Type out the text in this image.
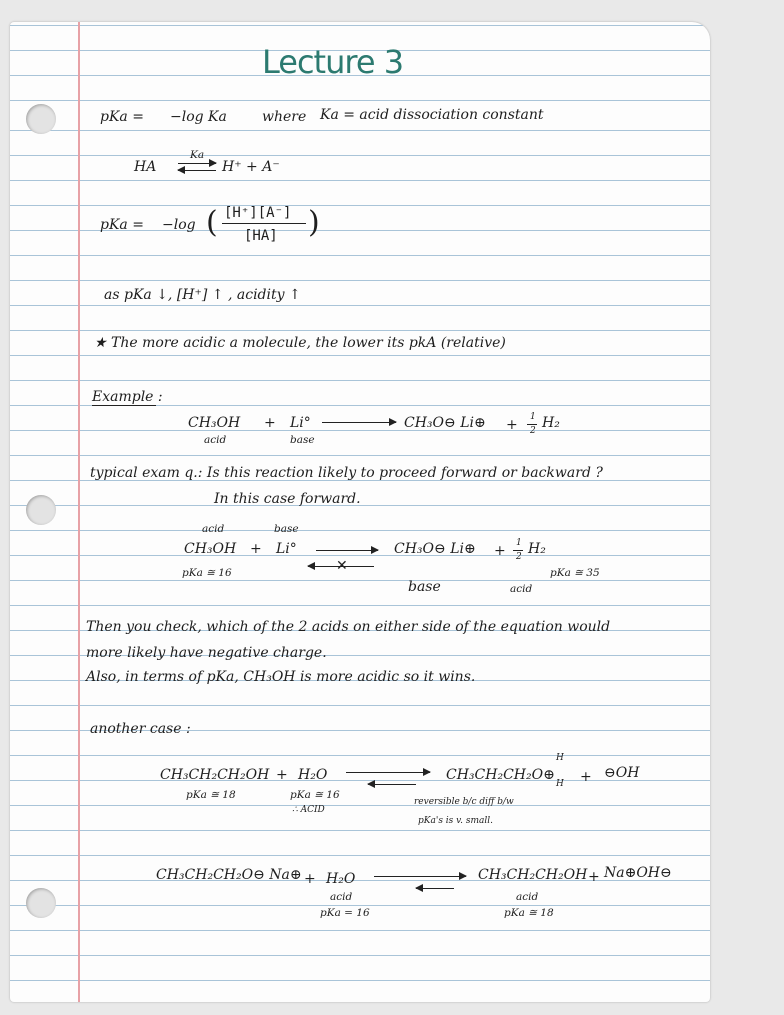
Lecture 3
pKa = −log Ka	where Ka = acid dissociation constant
HA
Ka
H⁺ + A⁻
pKa = −log ( [H⁺][A⁻]
[HA] )
as pKa ↓, [H⁺] ↑ , acidity ↑
★ The more acidic a molecule, the lower its pkA (relative)
Example :
CH₃OH
acid
+ Li°
base
CH₃O⊖ Li⊕ + 1
2 H₂
typical exam q.: Is this reaction likely to proceed forward or backward ?
In this case forward.
acid	base
CH₃OH + Li°
✕
CH₃O⊖ Li⊕ + 1
2 H₂
pKa ≅ 16
base	acid
pKa ≅ 35
Then you check, which of the 2 acids on either side of the equation would
more likely have negative charge.
Also, in terms of pKa, CH₃OH is more acidic so it wins.
another case :
CH₃CH₂CH₂OH + H₂O	CH₃CH₂CH₂O⊕
H
H + ⊖OH
pKa ≅ 18	pKa ≅ 16
∴ ACID
reversible b/c diff b/w
pKa's is v. small.
CH₃CH₂CH₂O⊖ Na⊕ + H₂O
acid
pKa = 16
CH₃CH₂CH₂OH + Na⊕OH⊖
acid
pKa ≅ 18
